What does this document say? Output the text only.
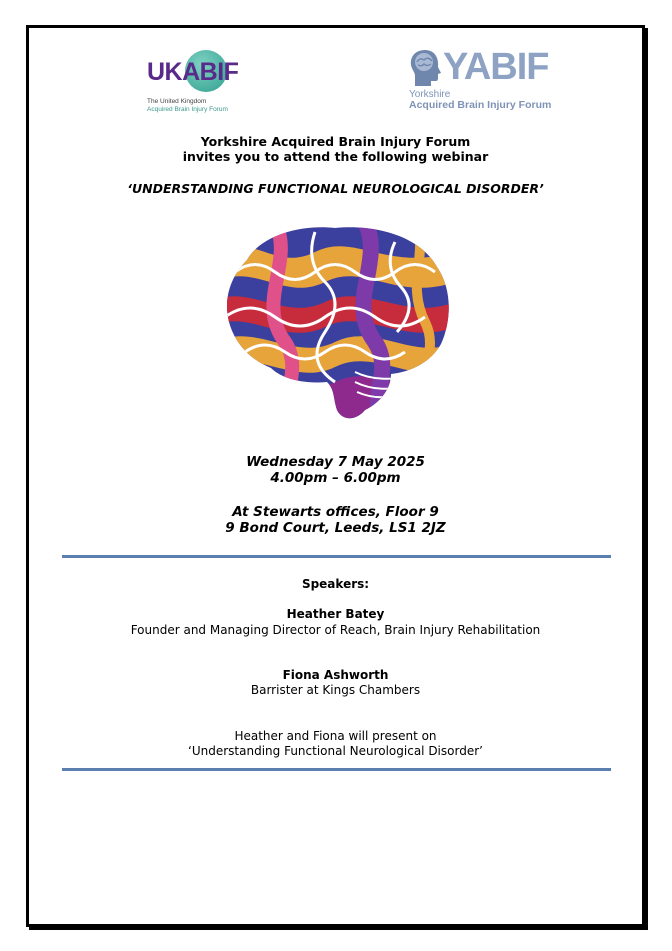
UKABIF
The United Kingdom
Acquired Brain Injury Forum
YABIF
Yorkshire
Acquired Brain Injury Forum
Yorkshire Acquired Brain Injury Forum
invites you to attend the following webinar
‘UNDERSTANDING FUNCTIONAL NEUROLOGICAL DISORDER’
Wednesday 7 May 2025
4.00pm – 6.00pm
At Stewarts offices, Floor 9
9 Bond Court, Leeds, LS1 2JZ
Speakers:
Heather Batey
Founder and Managing Director of Reach, Brain Injury Rehabilitation
Fiona Ashworth
Barrister at Kings Chambers
Heather and Fiona will present on
‘Understanding Functional Neurological Disorder’
